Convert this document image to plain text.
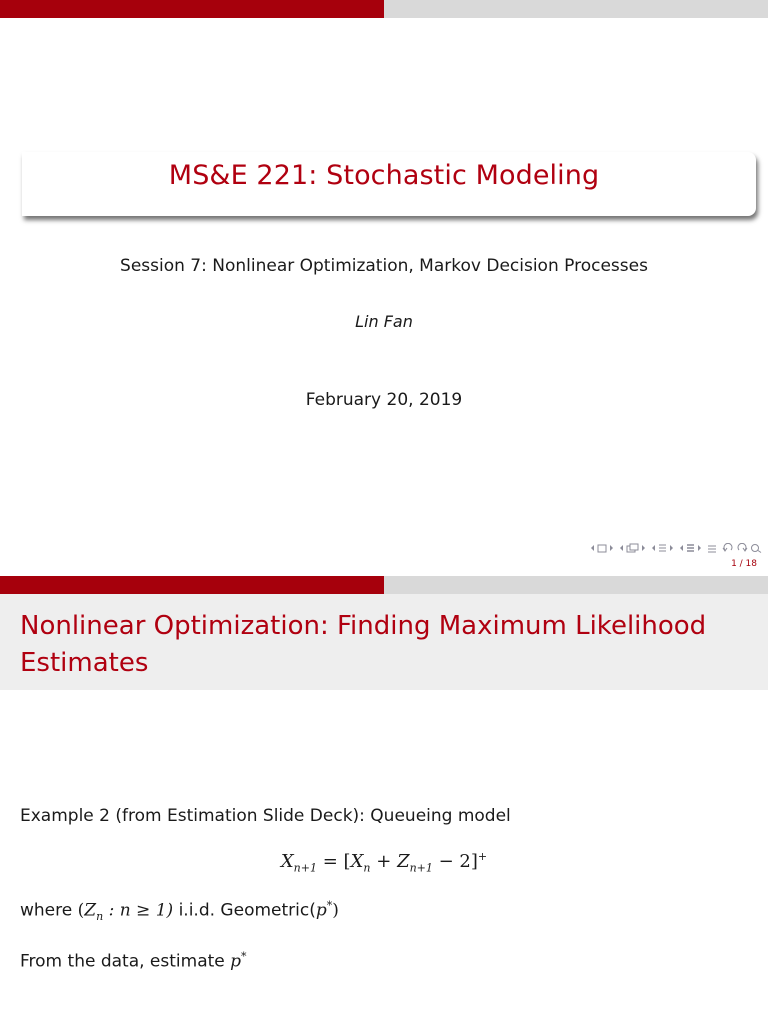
MS&E 221: Stochastic Modeling
Session 7: Nonlinear Optimization, Markov Decision Processes
Lin Fan
February 20, 2019
1 / 18
Nonlinear Optimization: Finding Maximum Likelihood Estimates
Example 2 (from Estimation Slide Deck): Queueing model
$X_{n+1} = [X_n + Z_{n+1} - 2]^+$
where ($Z_n$ : n ≥ 1) i.i.d. Geometric(p*)
From the data, estimate p*
